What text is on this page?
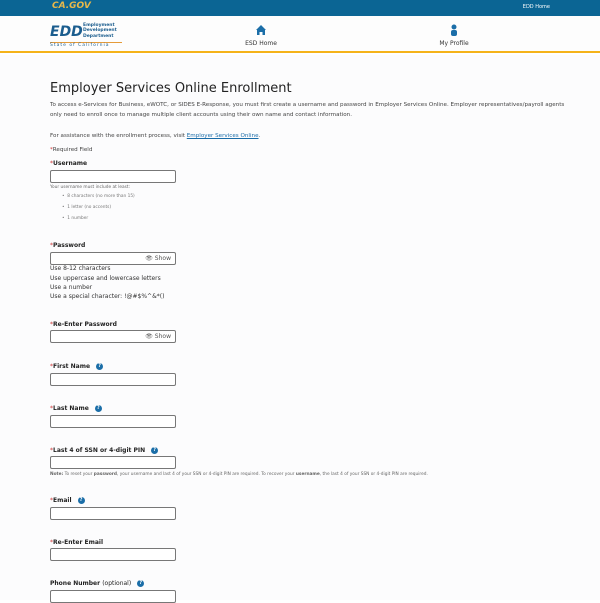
CA.GOV	EDD Home
EDD Employment
Development
Department
State of California	ESD Home	My Profile
Employer Services Online Enrollment
To access e-Services for Business, eWOTC, or SIDES E-Response, you must first create a username and password in Employer Services Online. Employer representatives/payroll agents only need to enroll once to manage multiple client accounts using their own name and contact information.
For assistance with the enrollment process, visit Employer Services Online.
*Required Field
*Username
Your username must include at least:
•  8 characters (no more than 15)
•  1 letter (no accents)
•  1 number
*Password
👁 Show
Use 8-12 characters
Use uppercase and lowercase letters
Use a number
Use a special character: !@#$%^&*()
*Re-Enter Password
👁 Show
*First Name ?
*Last Name ?
*Last 4 of SSN or 4-digit PIN ?
Note: To reset your password, your username and last 4 of your SSN or 4-digit PIN are required. To recover your username, the last 4 of your SSN or 4-digit PIN are required.
*Email ?
*Re-Enter Email
Phone Number (optional) ?
